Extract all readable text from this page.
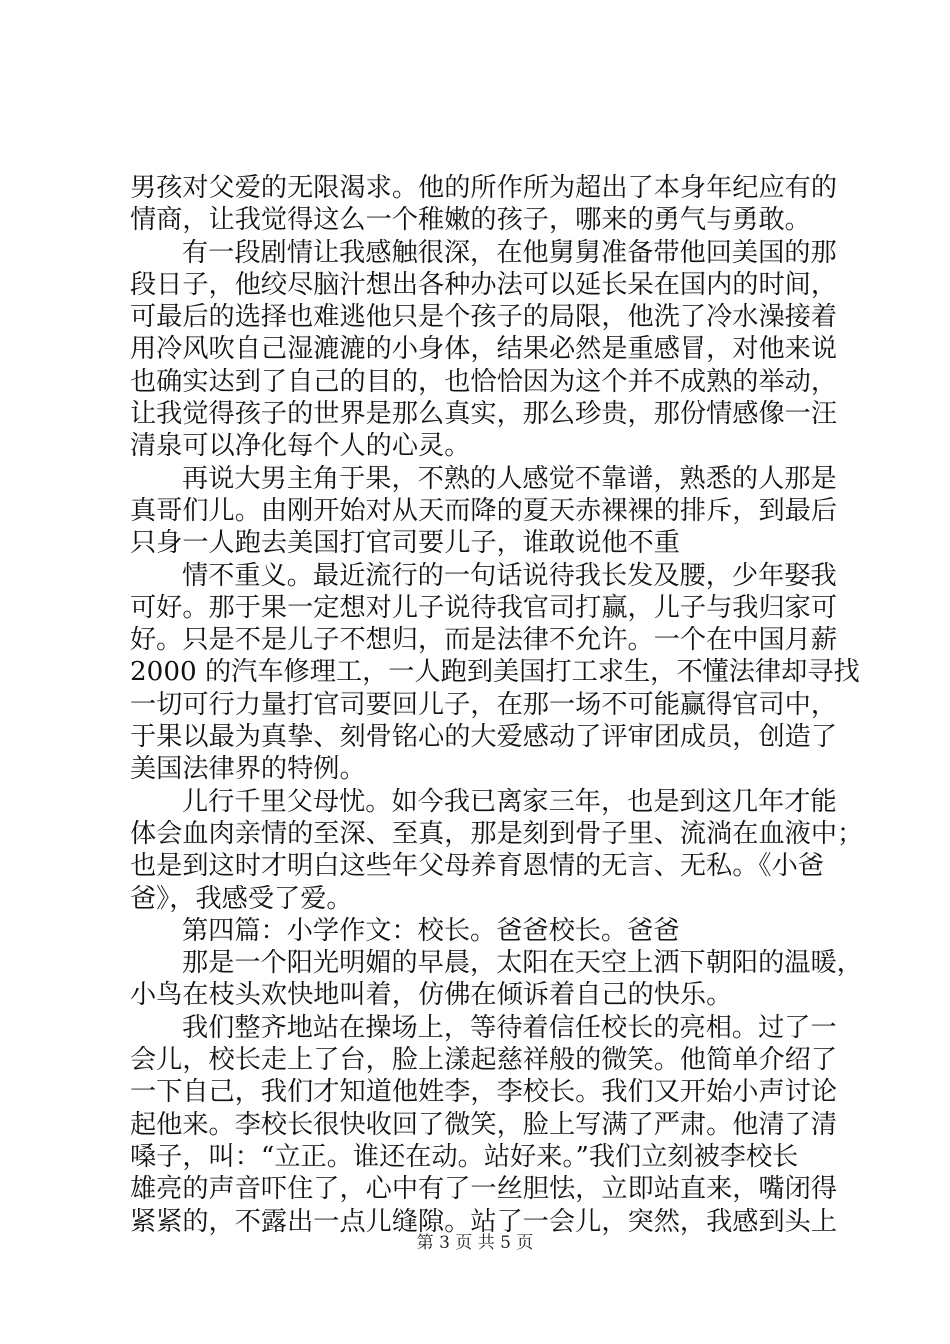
男孩对父爱的无限渴求。他的所作所为超出了本身年纪应有的
情商，让我觉得这么一个稚嫩的孩子，哪来的勇气与勇敢。
有一段剧情让我感触很深，在他舅舅准备带他回美国的那
段日子，他绞尽脑汁想出各种办法可以延长呆在国内的时间，
可最后的选择也难逃他只是个孩子的局限，他洗了冷水澡接着
用冷风吹自己湿漉漉的小身体，结果必然是重感冒，对他来说
也确实达到了自己的目的，也恰恰因为这个并不成熟的举动，
让我觉得孩子的世界是那么真实，那么珍贵，那份情感像一汪
清泉可以净化每个人的心灵。
再说大男主角于果，不熟的人感觉不靠谱，熟悉的人那是
真哥们儿。由刚开始对从天而降的夏天赤裸裸的排斥，到最后
只身一人跑去美国打官司要儿子，谁敢说他不重
情不重义。最近流行的一句话说待我长发及腰，少年娶我
可好。那于果一定想对儿子说待我官司打赢，儿子与我归家可
好。只是不是儿子不想归，而是法律不允许。一个在中国月薪
2000 的汽车修理工，一人跑到美国打工求生，不懂法律却寻找
一切可行力量打官司要回儿子，在那一场不可能赢得官司中，
于果以最为真挚、刻骨铭心的大爱感动了评审团成员，创造了
美国法律界的特例。
儿行千里父母忧。如今我已离家三年，也是到这几年才能
体会血肉亲情的至深、至真，那是刻到骨子里、流淌在血液中；
也是到这时才明白这些年父母养育恩情的无言、无私。《小爸
爸》，我感受了爱。
第四篇：小学作文：校长。爸爸校长。爸爸
那是一个阳光明媚的早晨，太阳在天空上洒下朝阳的温暖，
小鸟在枝头欢快地叫着，仿佛在倾诉着自己的快乐。
我们整齐地站在操场上，等待着信任校长的亮相。过了一
会儿，校长走上了台，脸上漾起慈祥般的微笑。他简单介绍了
一下自己，我们才知道他姓李，李校长。我们又开始小声讨论
起他来。李校长很快收回了微笑，脸上写满了严肃。他清了清
嗓子，叫：“立正。谁还在动。站好来。”我们立刻被李校长
雄亮的声音吓住了，心中有了一丝胆怯，立即站直来，嘴闭得
紧紧的，不露出一点儿缝隙。站了一会儿，突然，我感到头上
第 3 页 共 5 页
